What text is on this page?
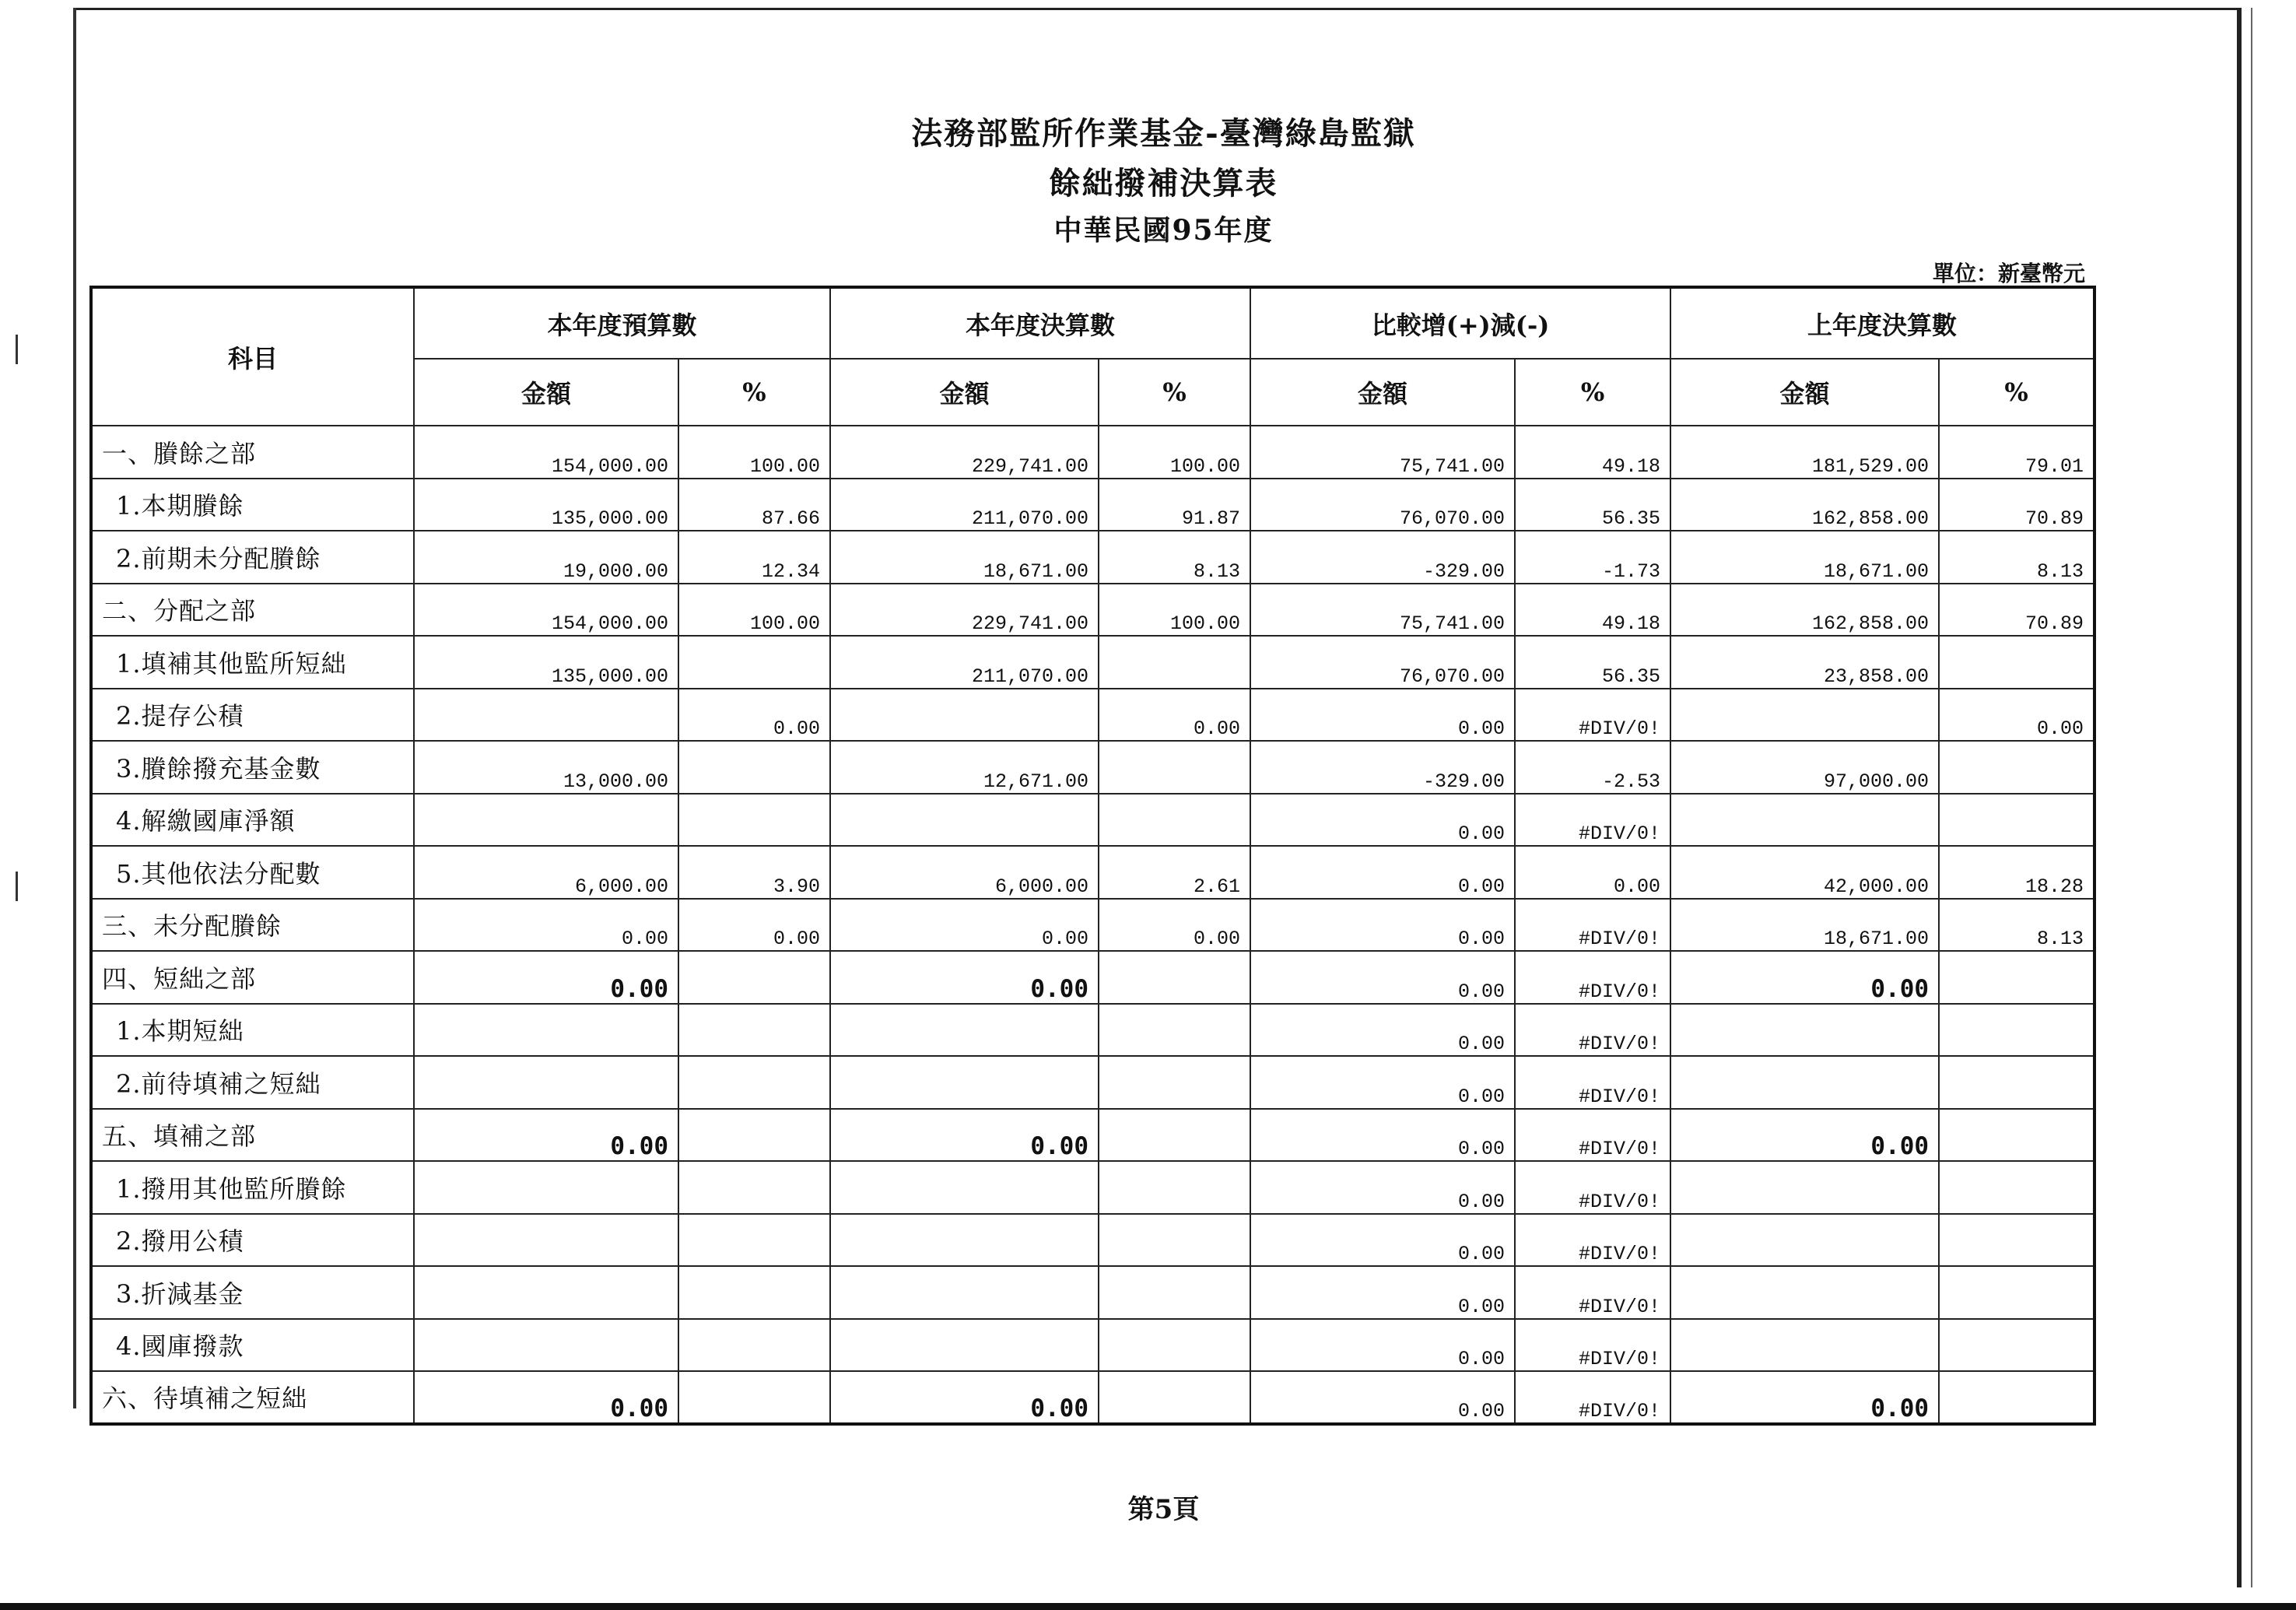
法務部監所作業基金-臺灣綠島監獄
餘絀撥補決算表
中華民國95年度
單位：新臺幣元
科目	本年度預算數		本年度決算數		比較增(+)減(-)		上年度決算數	
	金額	%	金額	%	金額	%	金額	%
一、賸餘之部	154,000.00	100.00	229,741.00	100.00	75,741.00	49.18	181,529.00	79.01
1.本期賸餘	135,000.00	87.66	211,070.00	91.87	76,070.00	56.35	162,858.00	70.89
2.前期未分配賸餘	19,000.00	12.34	18,671.00	8.13	-329.00	-1.73	18,671.00	8.13
二、分配之部	154,000.00	100.00	229,741.00	100.00	75,741.00	49.18	162,858.00	70.89
1.填補其他監所短絀	135,000.00		211,070.00		76,070.00	56.35	23,858.00	
2.提存公積		0.00		0.00	0.00	#DIV/0!		0.00
3.賸餘撥充基金數	13,000.00		12,671.00		-329.00	-2.53	97,000.00	
4.解繳國庫淨額					0.00	#DIV/0!		
5.其他依法分配數	6,000.00	3.90	6,000.00	2.61	0.00	0.00	42,000.00	18.28
三、未分配賸餘	0.00	0.00	0.00	0.00	0.00	#DIV/0!	18,671.00	8.13
四、短絀之部	0.00		0.00		0.00	#DIV/0!	0.00	
1.本期短絀					0.00	#DIV/0!		
2.前待填補之短絀					0.00	#DIV/0!		
五、填補之部	0.00		0.00		0.00	#DIV/0!	0.00	
1.撥用其他監所賸餘					0.00	#DIV/0!		
2.撥用公積					0.00	#DIV/0!		
3.折減基金					0.00	#DIV/0!		
4.國庫撥款					0.00	#DIV/0!		
六、待填補之短絀	0.00		0.00		0.00	#DIV/0!	0.00	
第5頁
